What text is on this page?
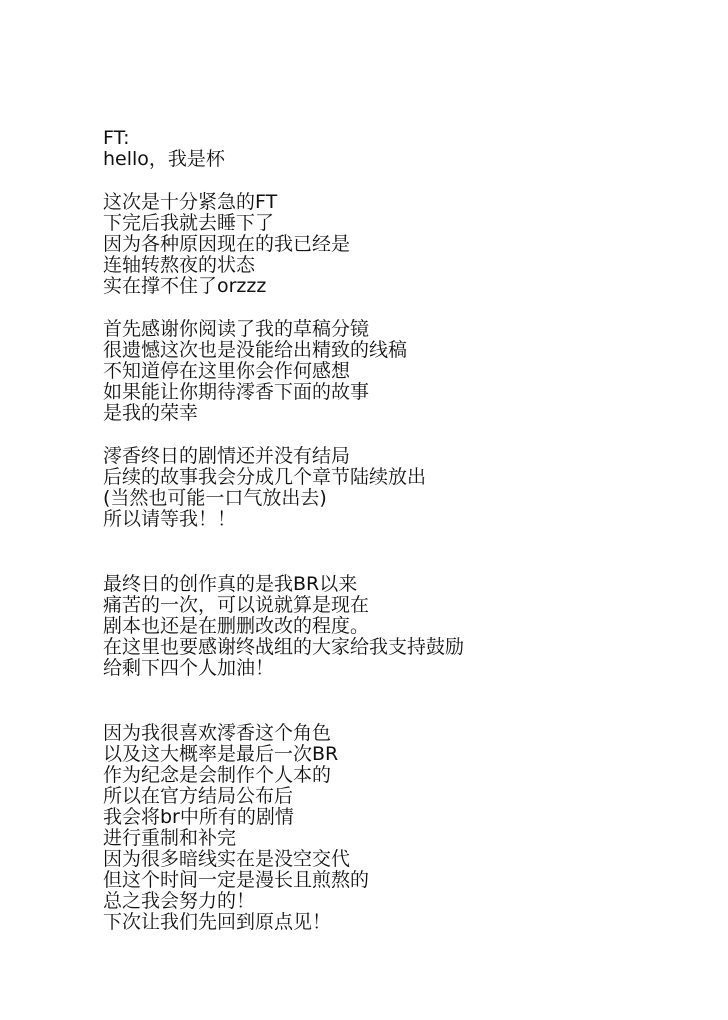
FT:
hello，我是杯
这次是十分紧急的FT
下完后我就去睡下了
因为各种原因现在的我已经是
连轴转熬夜的状态
实在撑不住了orzzz
首先感谢你阅读了我的草稿分镜
很遗憾这次也是没能给出精致的线稿
不知道停在这里你会作何感想
如果能让你期待澪香下面的故事
是我的荣幸
澪香终日的剧情还并没有结局
后续的故事我会分成几个章节陆续放出
(当然也可能一口气放出去)
所以请等我！！
最终日的创作真的是我BR以来
痛苦的一次，可以说就算是现在
剧本也还是在删删改改的程度。
在这里也要感谢终战组的大家给我支持鼓励
给剩下四个人加油！
因为我很喜欢澪香这个角色
以及这大概率是最后一次BR
作为纪念是会制作个人本的
所以在官方结局公布后
我会将br中所有的剧情
进行重制和补完
因为很多暗线实在是没空交代
但这个时间一定是漫长且煎熬的
总之我会努力的！
下次让我们先回到原点见！
